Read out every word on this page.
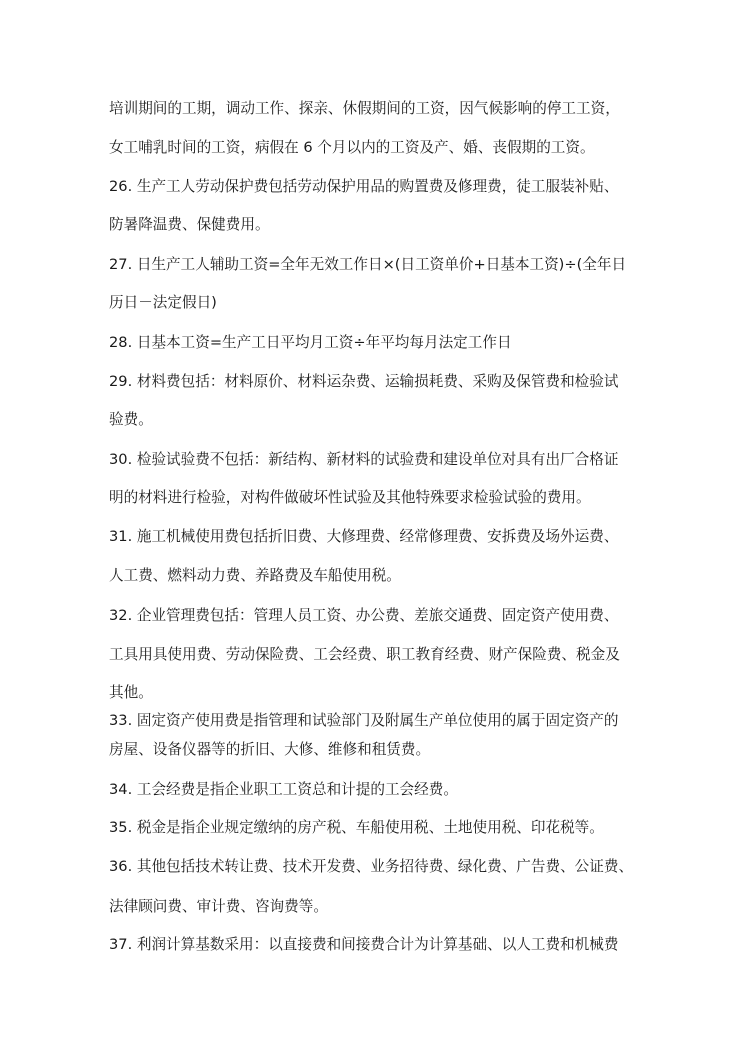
培训期间的工期，调动工作、探亲、休假期间的工资，因气候影响的停工工资，
女工哺乳时间的工资，病假在 6 个月以内的工资及产、婚、丧假期的工资。
26. 生产工人劳动保护费包括劳动保护用品的购置费及修理费，徒工服装补贴、
防暑降温费、保健费用。
27. 日生产工人辅助工资=全年无效工作日×(日工资单价+日基本工资)÷(全年日
历日－法定假日)
28. 日基本工资=生产工日平均月工资÷年平均每月法定工作日
29. 材料费包括：材料原价、材料运杂费、运输损耗费、采购及保管费和检验试
验费。
30. 检验试验费不包括：新结构、新材料的试验费和建设单位对具有出厂合格证
明的材料进行检验，对构件做破坏性试验及其他特殊要求检验试验的费用。
31. 施工机械使用费包括折旧费、大修理费、经常修理费、安拆费及场外运费、
人工费、燃料动力费、养路费及车船使用税。
32. 企业管理费包括：管理人员工资、办公费、差旅交通费、固定资产使用费、
工具用具使用费、劳动保险费、工会经费、职工教育经费、财产保险费、税金及
其他。
33. 固定资产使用费是指管理和试验部门及附属生产单位使用的属于固定资产的
房屋、设备仪器等的折旧、大修、维修和租赁费。
34. 工会经费是指企业职工工资总和计提的工会经费。
35. 税金是指企业规定缴纳的房产税、车船使用税、土地使用税、印花税等。
36. 其他包括技术转让费、技术开发费、业务招待费、绿化费、广告费、公证费、
法律顾问费、审计费、咨询费等。
37. 利润计算基数采用：以直接费和间接费合计为计算基础、以人工费和机械费
